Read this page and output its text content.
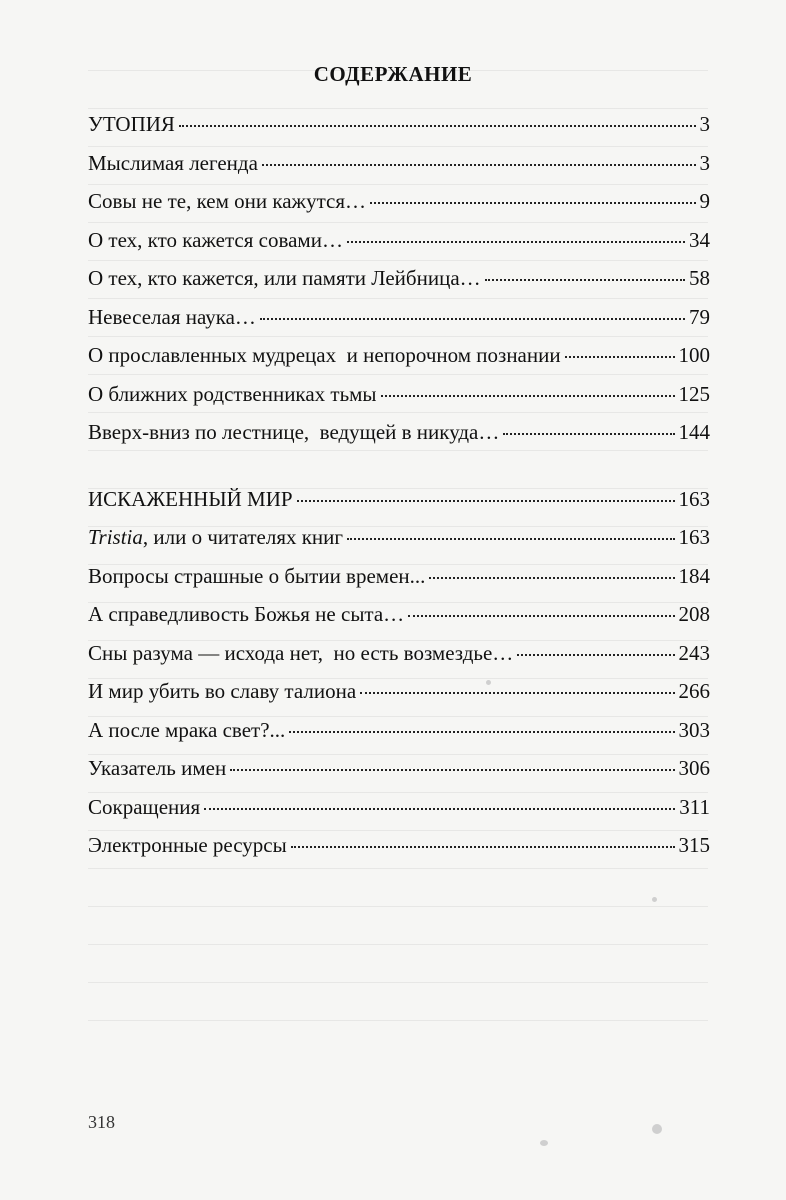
СОДЕРЖАНИЕ
УТОПИЯ	3
Мыслимая легенда	3
Совы не те, кем они кажутся…	9
О тех, кто кажется совами…	34
О тех, кто кажется, или памяти Лейбница…	58
Невеселая наука…	79
О прославленных мудрецах  и непорочном познании	100
О ближних родственниках тьмы	125
Вверх-вниз по лестнице,  ведущей в никуда…	144
ИСКАЖЕННЫЙ МИР	163
Tristia , или о читателях книг	163
Вопросы страшные о бытии времен...	184
А справедливость Божья не сыта…	208
Сны разума — исхода нет,  но есть возмездье…	243
И мир убить во славу талиона	266
А после мрака свет?...	303
Указатель имен	306
Сокращения	311
Электронные ресурсы	315
318
